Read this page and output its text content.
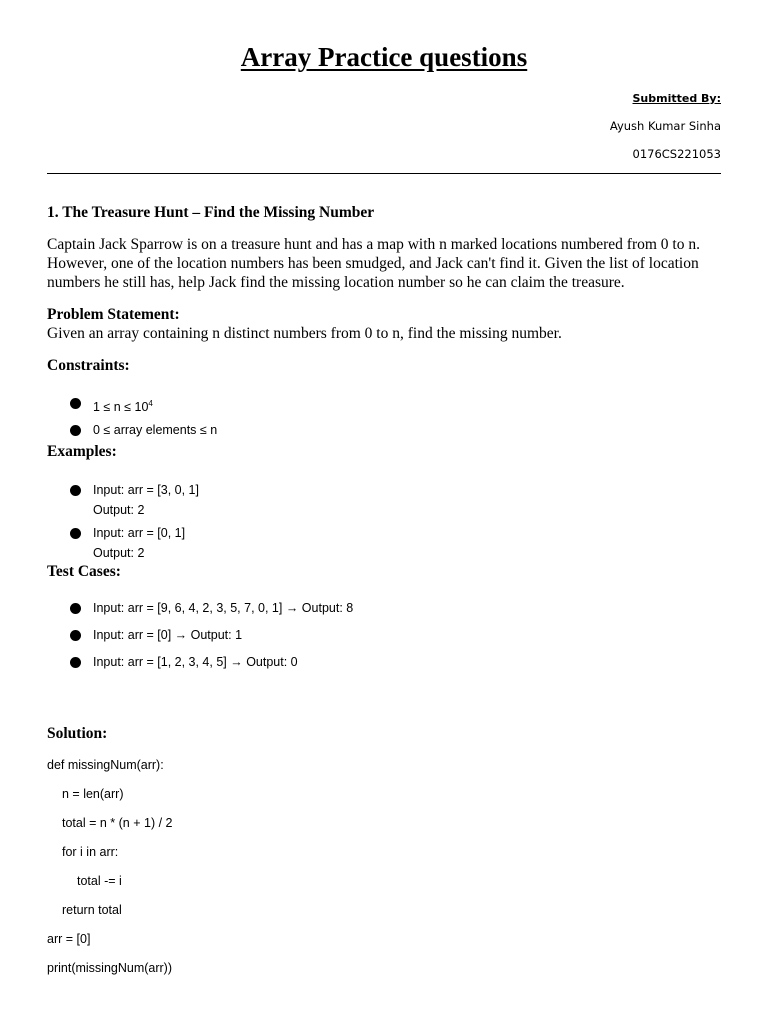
Array Practice questions
Submitted By:
Ayush Kumar Sinha
0176CS221053
1. The Treasure Hunt – Find the Missing Number
Captain Jack Sparrow is on a treasure hunt and has a map with n marked locations numbered from 0 to n. However, one of the location numbers has been smudged, and Jack can't find it. Given the list of location numbers he still has, help Jack find the missing location number so he can claim the treasure.
Problem Statement:
Given an array containing n distinct numbers from 0 to n, find the missing number.
Constraints:
$1 \le n \le 10^4$
0 ≤ array elements ≤ n
Examples:
Input: arr = [3, 0, 1]
Output: 2
Input: arr = [0, 1]
Output: 2
Test Cases:
Input: arr = [9, 6, 4, 2, 3, 5, 7, 0, 1] → Output: 8
Input: arr = [0] → Output: 1
Input: arr = [1, 2, 3, 4, 5] → Output: 0
Solution:
def missingNum(arr):
n = len(arr)
total = n * (n + 1) / 2
for i in arr:
total -= i
return total
arr = [0]
print(missingNum(arr))
